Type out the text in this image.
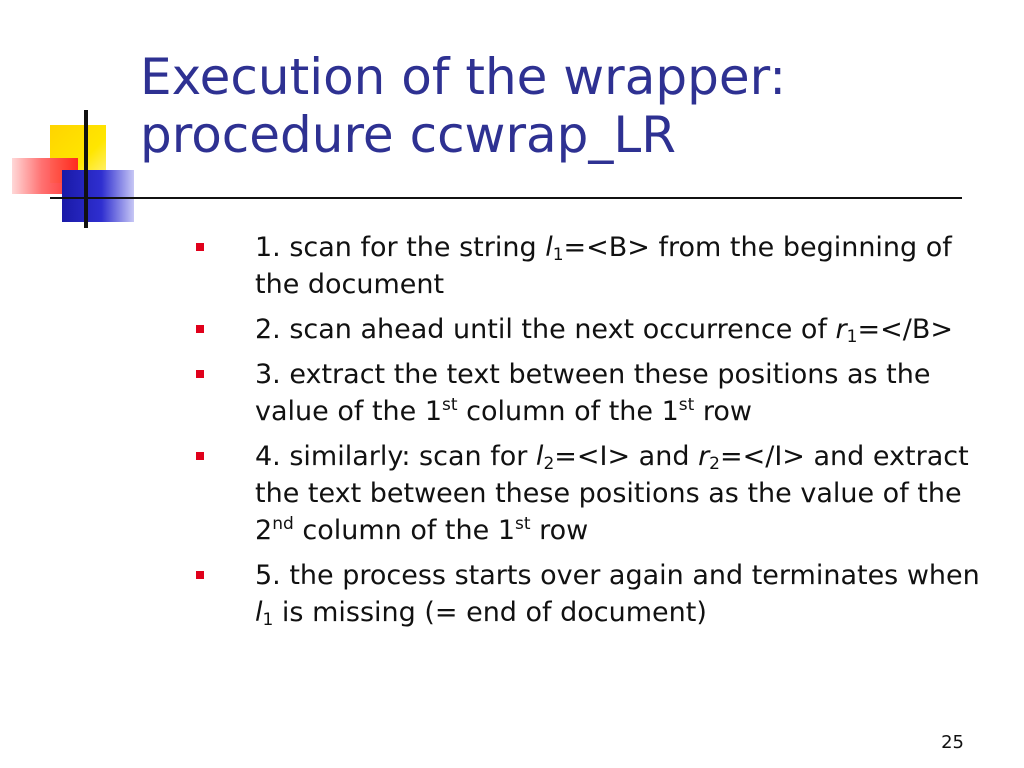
Execution of the wrapper:
procedure ccwrap_LR
1. scan for the string $l_1=<B>$ from the beginning of the document
2. scan ahead until the next occurrence of $r_1=</B>$
3. extract the text between these positions as the value of the 1st column of the 1st row
4. similarly: scan for $l_2=<I>$ and $r_2=</I>$ and extract the text between these positions as the value of the 2nd column of the 1st row
5. the process starts over again and terminates when $l_1$ is missing (= end of document)
25
